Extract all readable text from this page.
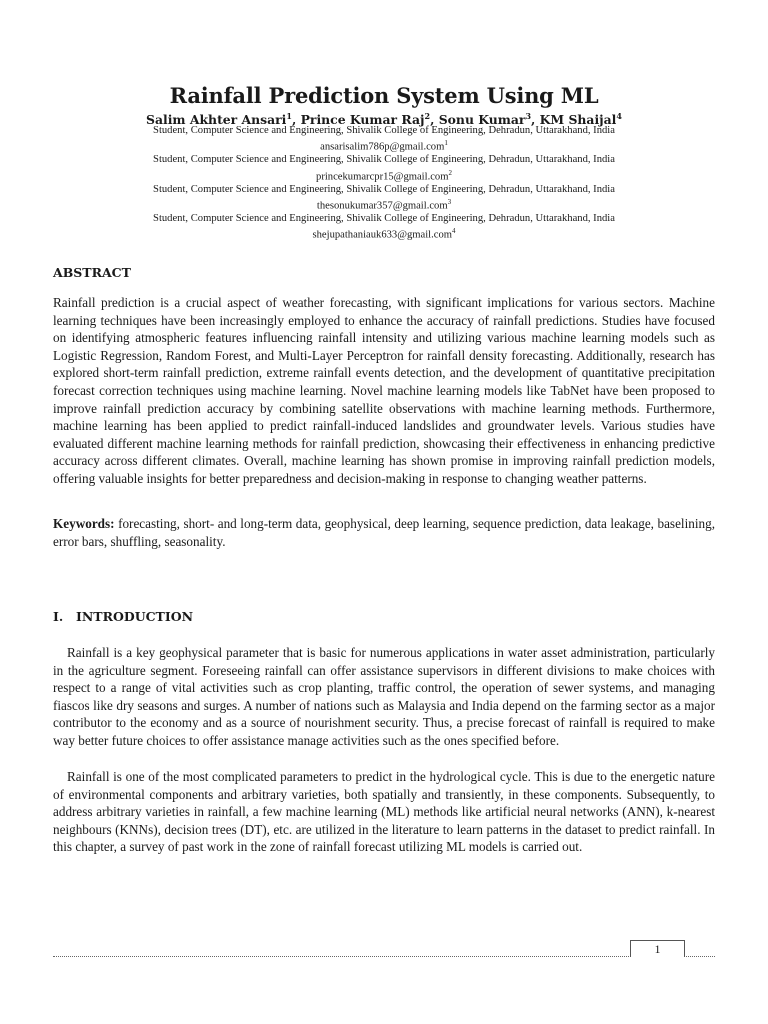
Rainfall Prediction System Using ML
Salim Akhter Ansari$^1$, Prince Kumar Raj$^2$, Sonu Kumar$^3$, KM Shaijal$^4$
Student, Computer Science and Engineering, Shivalik College of Engineering, Dehradun, Uttarakhand, India
ansarisalim786p@gmail.com$^1$
Student, Computer Science and Engineering, Shivalik College of Engineering, Dehradun, Uttarakhand, India
princekumarcpr15@gmail.com$^2$
Student, Computer Science and Engineering, Shivalik College of Engineering, Dehradun, Uttarakhand, India
thesonukumar357@gmail.com$^3$
Student, Computer Science and Engineering, Shivalik College of Engineering, Dehradun, Uttarakhand, India
shejupathaniauk633@gmail.com$^4$
ABSTRACT

Rainfall prediction is a crucial aspect of weather forecasting, with significant implications for various sectors. Machine learning techniques have been increasingly employed to enhance the accuracy of rainfall predictions. Studies have focused on identifying atmospheric features influencing rainfall intensity and utilizing various machine learning models such as Logistic Regression, Random Forest, and Multi-Layer Perceptron for rainfall density forecasting. Additionally, research has explored short-term rainfall prediction, extreme rainfall events detection, and the development of quantitative precipitation forecast correction techniques using machine learning. Novel machine learning models like TabNet have been proposed to improve rainfall prediction accuracy by combining satellite observations with machine learning methods. Furthermore, machine learning has been applied to predict rainfall-induced landslides and groundwater levels. Various studies have evaluated different machine learning methods for rainfall prediction, showcasing their effectiveness in enhancing predictive accuracy across different climates. Overall, machine learning has shown promise in improving rainfall prediction models, offering valuable insights for better preparedness and decision-making in response to changing weather patterns.

Keywords: forecasting, short- and long-term data, geophysical, deep learning, sequence prediction, data leakage, baselining, error bars, shuffling, seasonality.

I. INTRODUCTION

Rainfall is a key geophysical parameter that is basic for numerous applications in water asset administration, particularly in the agriculture segment. Foreseeing rainfall can offer assistance supervisors in different divisions to make choices with respect to a range of vital activities such as crop planting, traffic control, the operation of sewer systems, and managing fiascos like dry seasons and surges. A number of nations such as Malaysia and India depend on the farming sector as a major contributor to the economy and as a source of nourishment security. Thus, a precise forecast of rainfall is required to make way better future choices to offer assistance manage activities such as the ones specified before.

Rainfall is one of the most complicated parameters to predict in the hydrological cycle. This is due to the energetic nature of environmental components and arbitrary varieties, both spatially and transiently, in these components. Subsequently, to address arbitrary varieties in rainfall, a few machine learning (ML) methods like artificial neural networks (ANN), k-nearest neighbours (KNNs), decision trees (DT), etc. are utilized in the literature to learn patterns in the dataset to predict rainfall. In this chapter, a survey of past work in the zone of rainfall forecast utilizing ML models is carried out.

1
